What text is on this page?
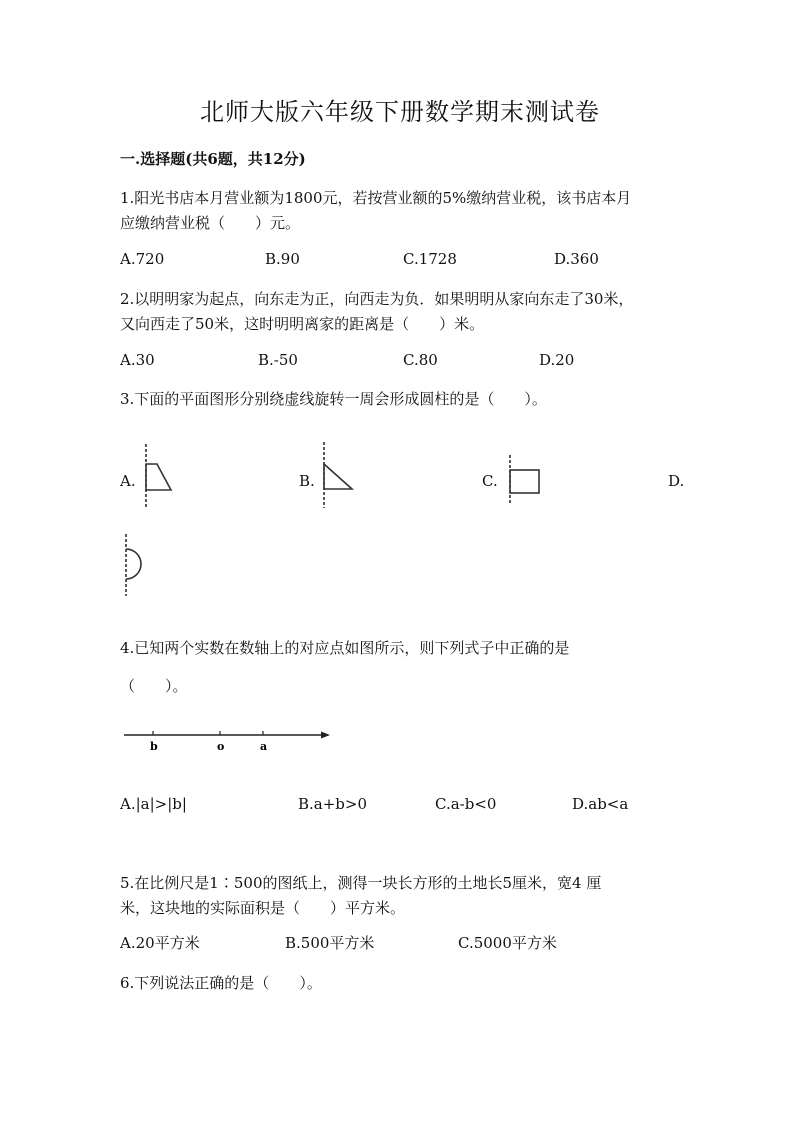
北师大版六年级下册数学期末测试卷
一.选择题(共6题，共12分)
1.阳光书店本月营业额为1800元，若按营业额的5%缴纳营业税，该书店本月
应缴纳营业税（　　）元。
A.720	B.90	C.1728	D.360
2.以明明家为起点，向东走为正，向西走为负．如果明明从家向东走了30米，
又向西走了50米，这时明明离家的距离是（　　）米。
A.30	B.-50	C.80	D.20
3.下面的平面图形分别绕虚线旋转一周会形成圆柱的是（　　）。
A.	B.	C.	D.
4.已知两个实数在数轴上的对应点如图所示，则下列式子中正确的是
（　　）。
b	o	a
A.|a|>|b|	B.a+b>0	C.a-b<0	D.ab<a
5.在比例尺是1∶500的图纸上，测得一块长方形的土地长5厘米，宽4 厘
米，这块地的实际面积是（　　）平方米。
A.20平方米	B.500平方米	C.5000平方米
6.下列说法正确的是（　　）。
